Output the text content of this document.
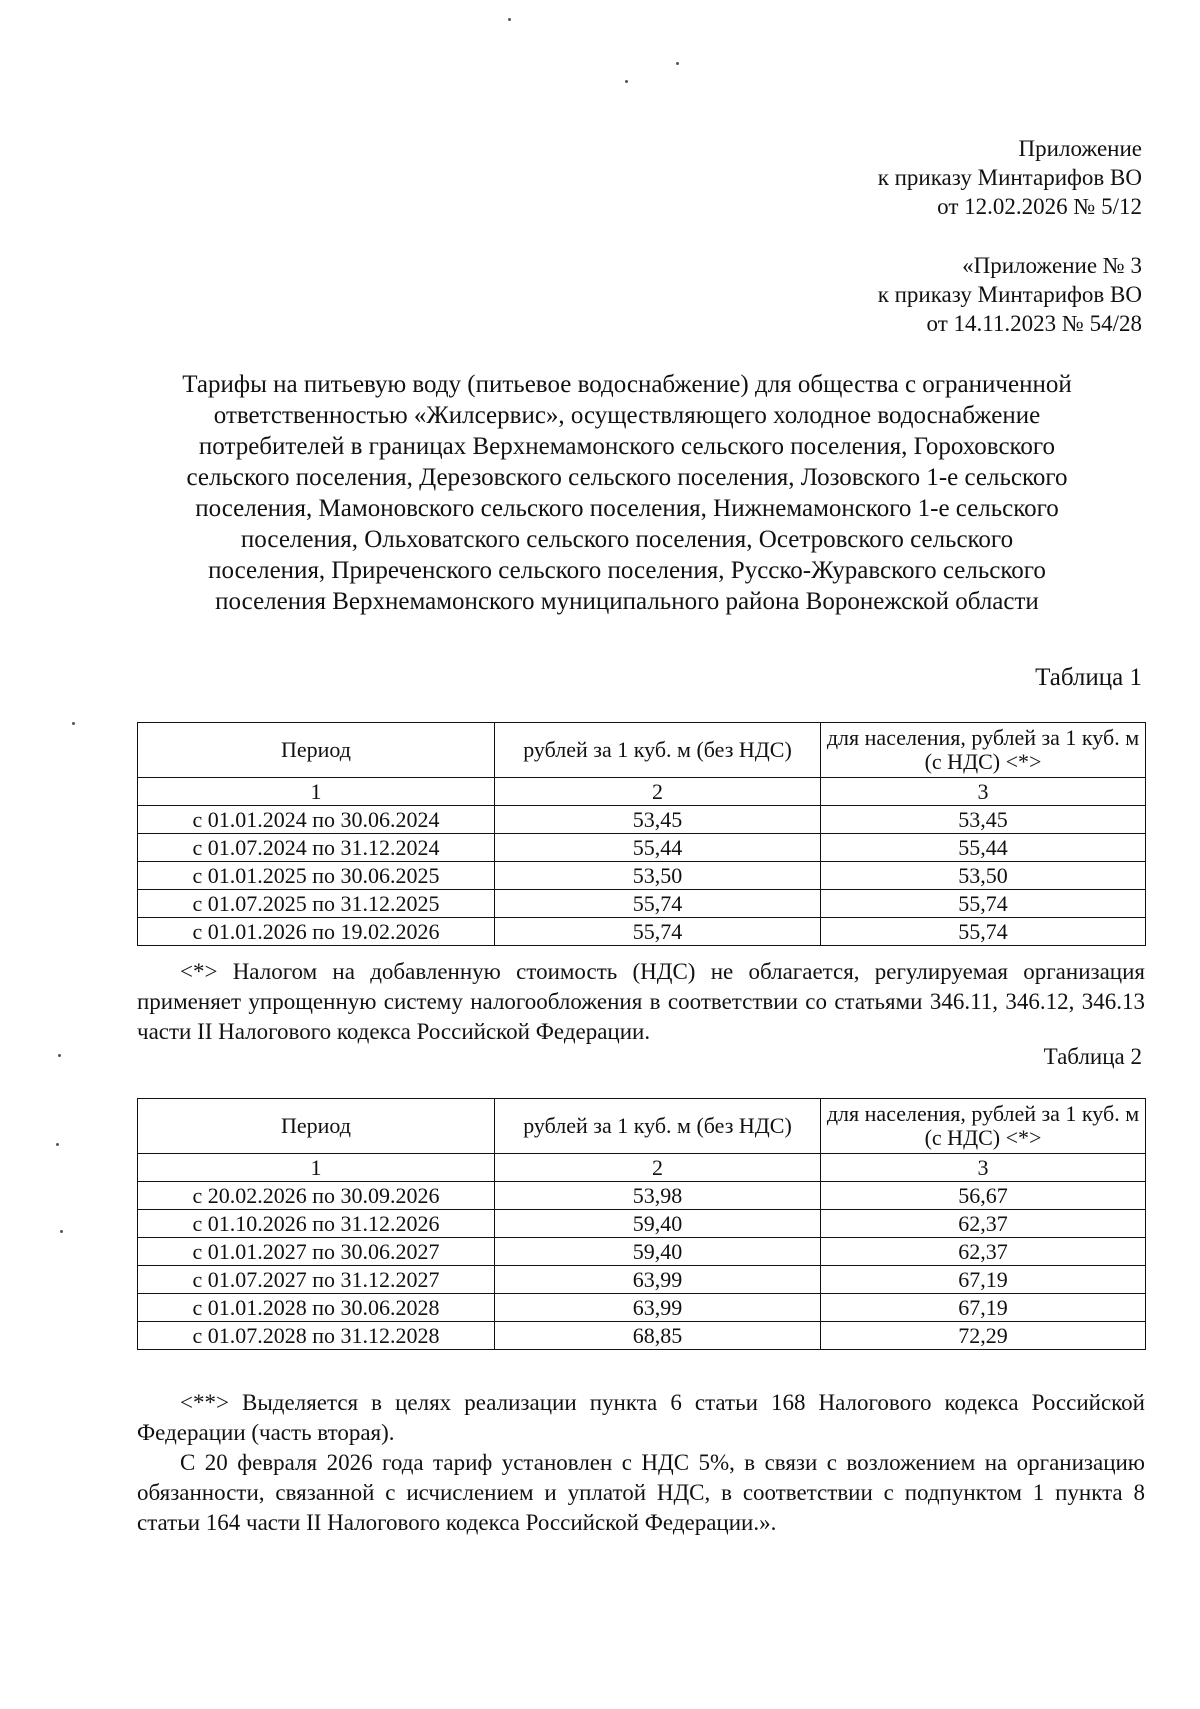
Приложение
к приказу Минтарифов ВО
от 12.02.2026 № 5/12
«Приложение № 3
к приказу Минтарифов ВО
от 14.11.2023 № 54/28
Тарифы на питьевую воду (питьевое водоснабжение) для общества с ограниченной
ответственностью «Жилсервис», осуществляющего холодное водоснабжение
потребителей в границах Верхнемамонского сельского поселения, Гороховского
сельского поселения, Дерезовского сельского поселения, Лозовского 1-е сельского
поселения, Мамоновского сельского поселения, Нижнемамонского 1-е сельского
поселения, Ольховатского сельского поселения, Осетровского сельского
поселения, Приреченского сельского поселения, Русско-Журавского сельского
поселения Верхнемамонского муниципального района Воронежской области
Таблица 1
Период	рублей за 1 куб. м (без НДС)	для населения, рублей за 1 куб. м (с НДС) <*>
1	2	3
с 01.01.2024 по 30.06.2024	53,45	53,45
с 01.07.2024 по 31.12.2024	55,44	55,44
с 01.01.2025 по 30.06.2025	53,50	53,50
с 01.07.2025 по 31.12.2025	55,74	55,74
с 01.01.2026 по 19.02.2026	55,74	55,74
<*> Налогом на добавленную стоимость (НДС) не облагается, регулируемая организация применяет упрощенную систему налогообложения в соответствии со статьями 346.11, 346.12, 346.13 части II Налогового кодекса Российской Федерации.
Таблица 2
Период	рублей за 1 куб. м (без НДС)	для населения, рублей за 1 куб. м (с НДС) <*>
1	2	3
с 20.02.2026 по 30.09.2026	53,98	56,67
с 01.10.2026 по 31.12.2026	59,40	62,37
с 01.01.2027 по 30.06.2027	59,40	62,37
с 01.07.2027 по 31.12.2027	63,99	67,19
с 01.01.2028 по 30.06.2028	63,99	67,19
с 01.07.2028 по 31.12.2028	68,85	72,29
<**> Выделяется в целях реализации пункта 6 статьи 168 Налогового кодекса Российской Федерации (часть вторая).
С 20 февраля 2026 года тариф установлен с НДС 5%, в связи с возложением на организацию обязанности, связанной с исчислением и уплатой НДС, в соответствии с подпунктом 1 пункта 8 статьи 164 части II Налогового кодекса Российской Федерации.».
